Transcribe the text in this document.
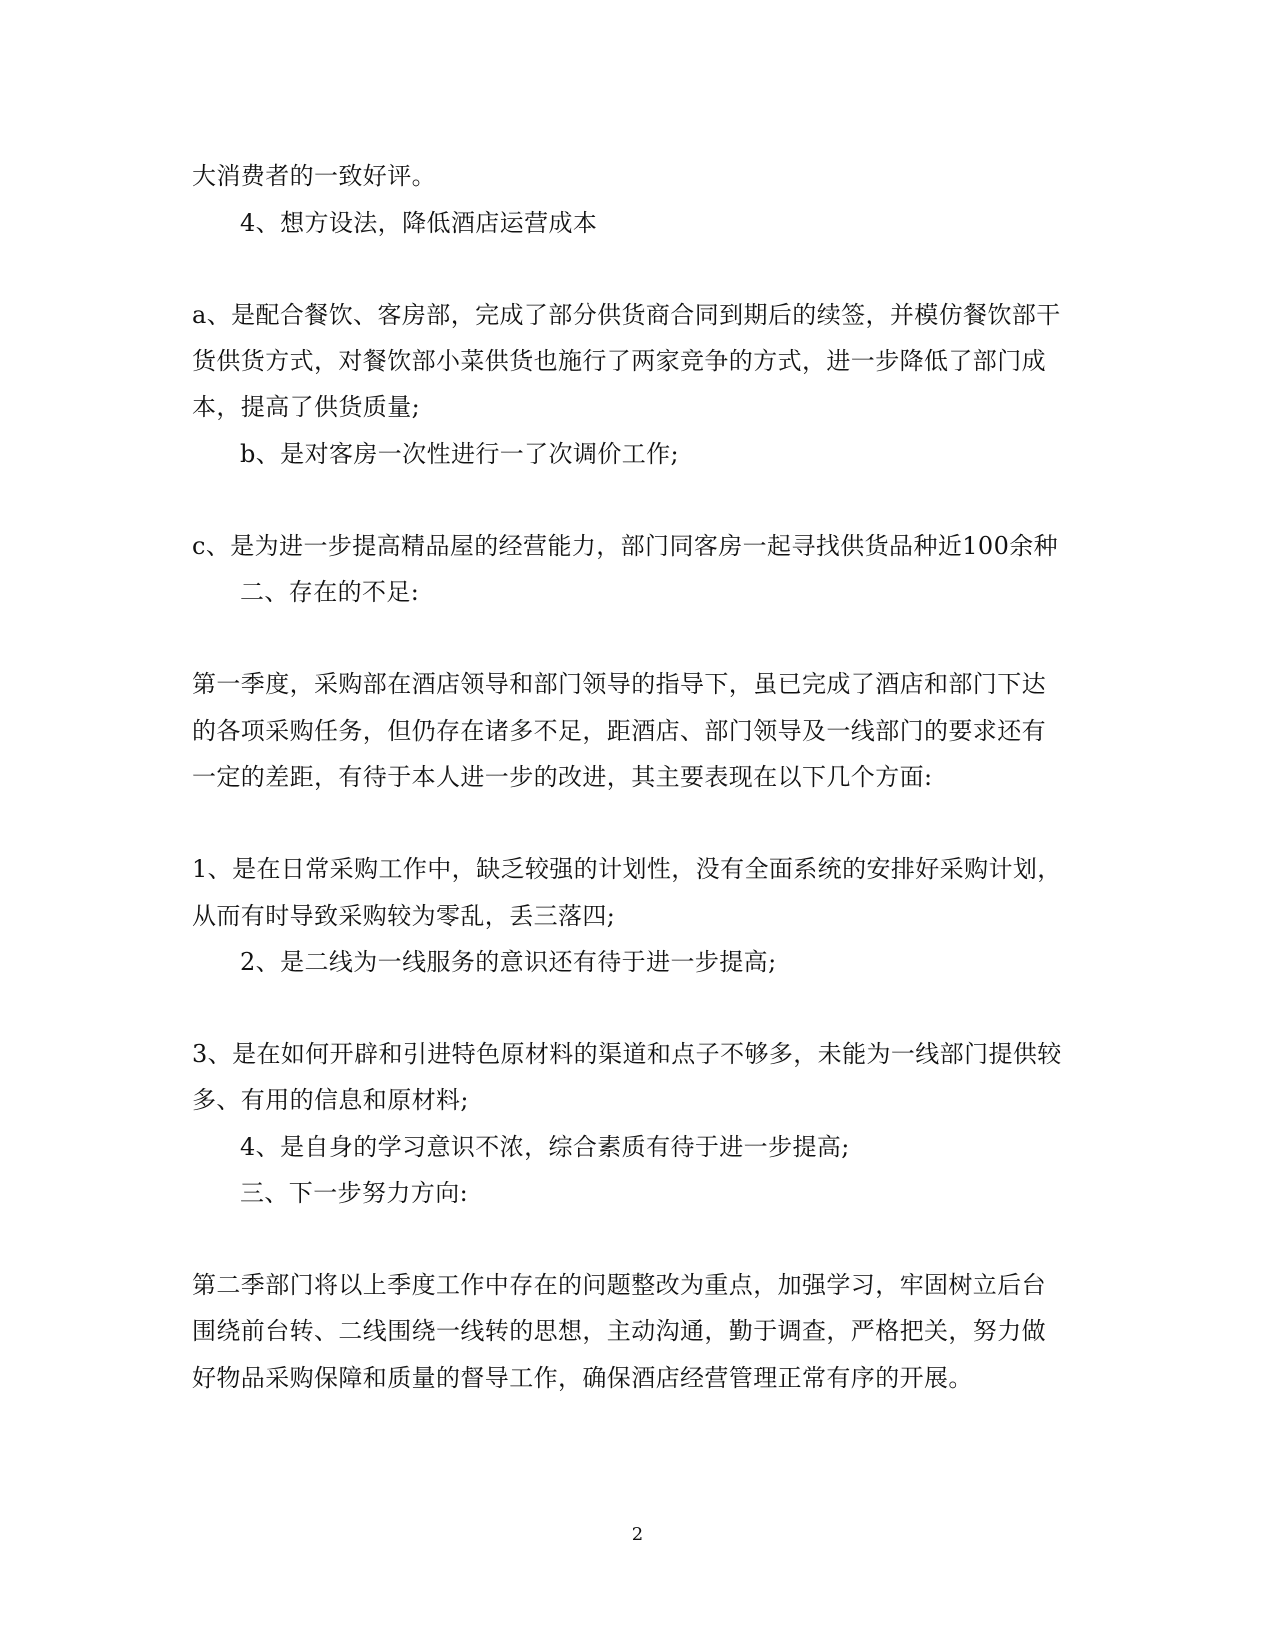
大消费者的一致好评。
4、想方设法，降低酒店运营成本
a、是配合餐饮、客房部，完成了部分供货商合同到期后的续签，并模仿餐饮部干
货供货方式，对餐饮部小菜供货也施行了两家竞争的方式，进一步降低了部门成
本，提高了供货质量;
b、是对客房一次性进行一了次调价工作;
c、是为进一步提高精品屋的经营能力，部门同客房一起寻找供货品种近100余种
二、存在的不足:
第一季度，采购部在酒店领导和部门领导的指导下，虽已完成了酒店和部门下达
的各项采购任务，但仍存在诸多不足，距酒店、部门领导及一线部门的要求还有
一定的差距，有待于本人进一步的改进，其主要表现在以下几个方面:
1、是在日常采购工作中，缺乏较强的计划性，没有全面系统的安排好采购计划，
从而有时导致采购较为零乱，丢三落四;
2、是二线为一线服务的意识还有待于进一步提高;
3、是在如何开辟和引进特色原材料的渠道和点子不够多，未能为一线部门提供较
多、有用的信息和原材料;
4、是自身的学习意识不浓，综合素质有待于进一步提高;
三、下一步努力方向:
第二季部门将以上季度工作中存在的问题整改为重点，加强学习，牢固树立后台
围绕前台转、二线围绕一线转的思想，主动沟通，勤于调查，严格把关，努力做
好物品采购保障和质量的督导工作，确保酒店经营管理正常有序的开展。
2
